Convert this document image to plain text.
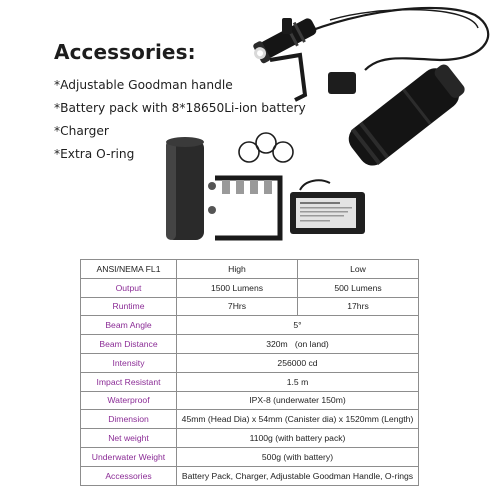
Accessories:
*Adjustable Goodman handle
*Battery pack with 8*18650Li-ion battery
*Charger
*Extra O-ring
ANSI/NEMA FL1	High	Low
Output	1500 Lumens	500 Lumens
Runtime	7Hrs	17hrs
Beam Angle	5°	
Beam Distance	320m   (on land)	
Intensity	256000 cd	
Impact Resistant	1.5 m	
Waterproof	IPX-8 (underwater 150m)	
Dimension	45mm (Head Dia) x 54mm (Canister dia) x 1520mm (Length)	
Net weight	1100g (with battery pack)	
Underwater Weight	500g (with battery)	
Accessories	Battery Pack, Charger, Adjustable Goodman Handle, O-rings	
